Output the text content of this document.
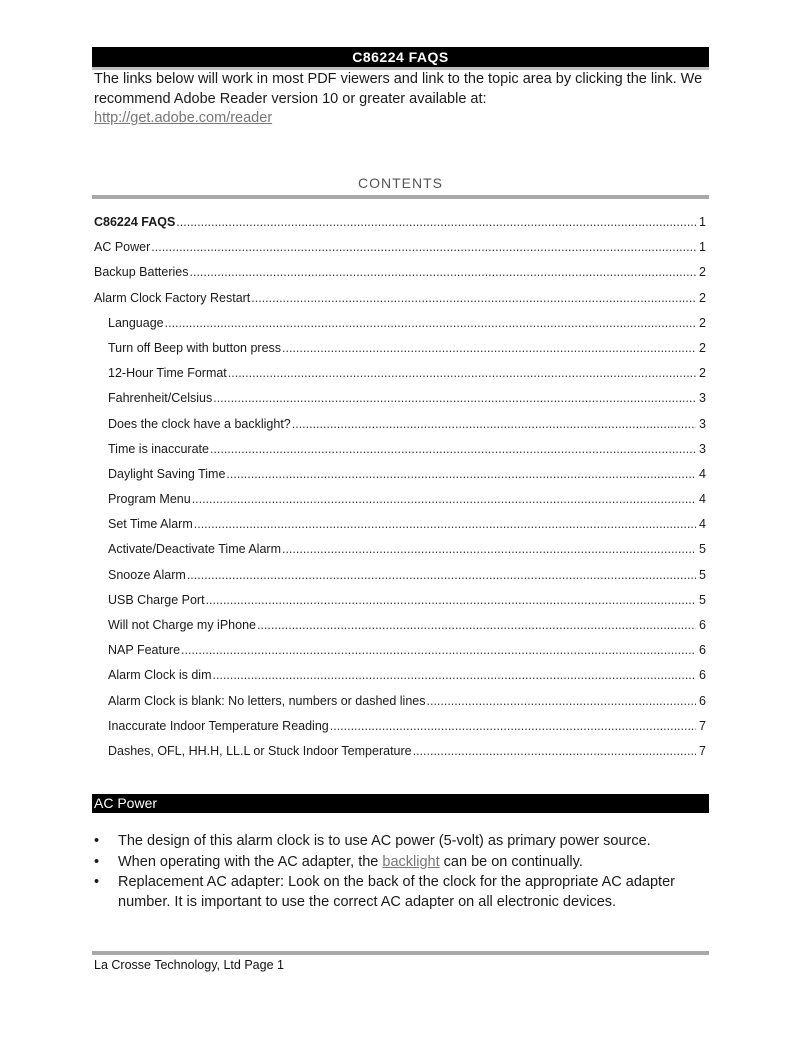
C86224 FAQS
The links below will work in most PDF viewers and link to the topic area by clicking the link. We recommend Adobe Reader version 10 or greater available at:
http://get.adobe.com/reader
CONTENTS
C86224 FAQS .....	1
AC Power .....	1
Backup Batteries .....	2
Alarm Clock Factory Restart .....	2
Language .....	2
Turn off Beep with button press .....	2
12-Hour Time Format .....	2
Fahrenheit/Celsius .....	3
Does the clock have a backlight? .....	3
Time is inaccurate .....	3
Daylight Saving Time .....	4
Program Menu .....	4
Set Time Alarm .....	4
Activate/Deactivate Time Alarm .....	5
Snooze Alarm .....	5
USB Charge Port .....	5
Will not Charge my iPhone .....	6
NAP Feature .....	6
Alarm Clock is dim .....	6
Alarm Clock is blank: No letters, numbers or dashed lines .....	6
Inaccurate Indoor Temperature Reading .....	7
Dashes, OFL, HH.H, LL.L or Stuck Indoor Temperature .....	7
AC Power
• The design of this alarm clock is to use AC power (5-volt) as primary power source.
• When operating with the AC adapter, the backlight can be on continually.
• Replacement AC adapter: Look on the back of the clock for the appropriate AC adapter number. It is important to use the correct AC adapter on all electronic devices.
La Crosse Technology, Ltd Page 1
